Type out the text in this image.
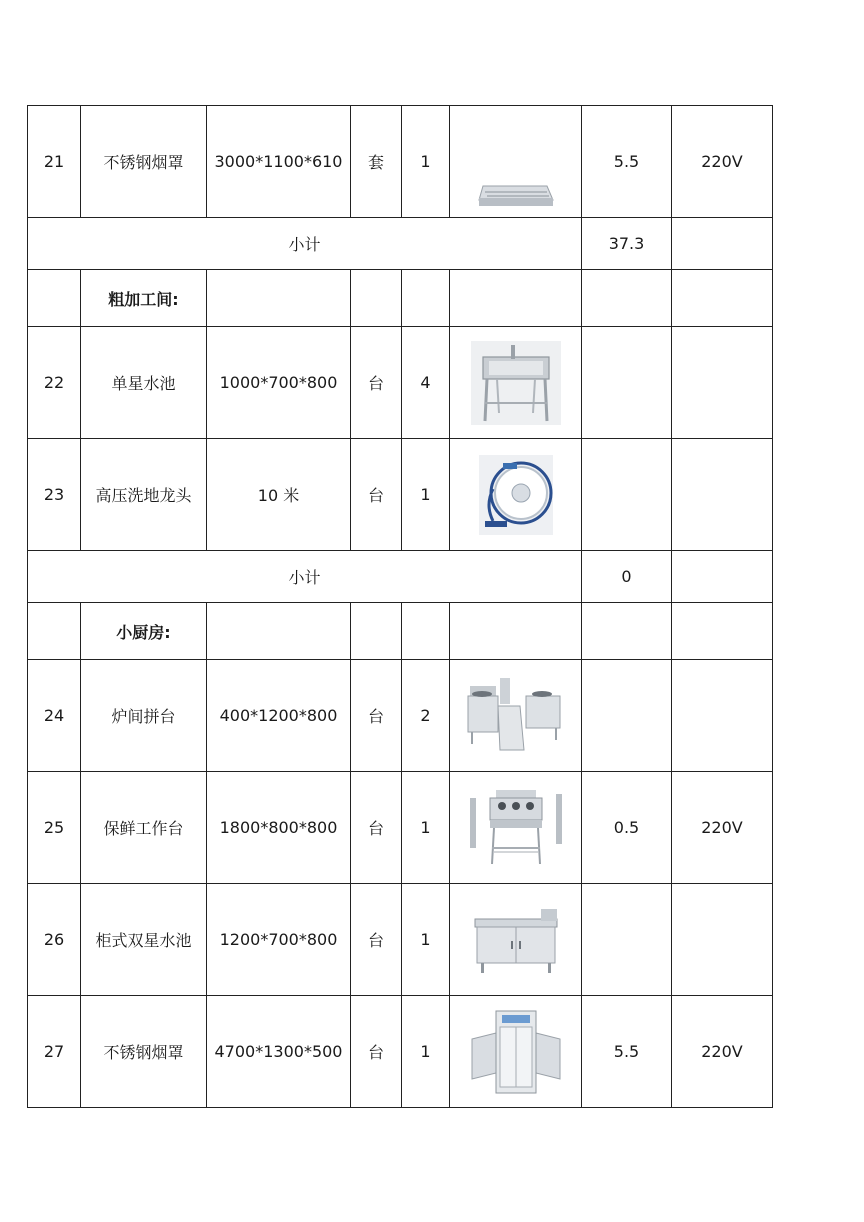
21	不锈钢烟罩	3000*1100*610	套	1		5.5	220V
小计						37.3	
	粗加工间:						
22	单星水池	1000*700*800	台	4	

23	高压洗地龙头	10 米	台	1	

小计						0	
	小厨房:						
24	炉间拼台	400*1200*800	台	2	

25	保鲜工作台	1800*800*800	台	1		0.5	220V
26	柜式双星水池	1200*700*800	台	1	

27	不锈钢烟罩	4700*1300*500	台	1		5.5	220V
